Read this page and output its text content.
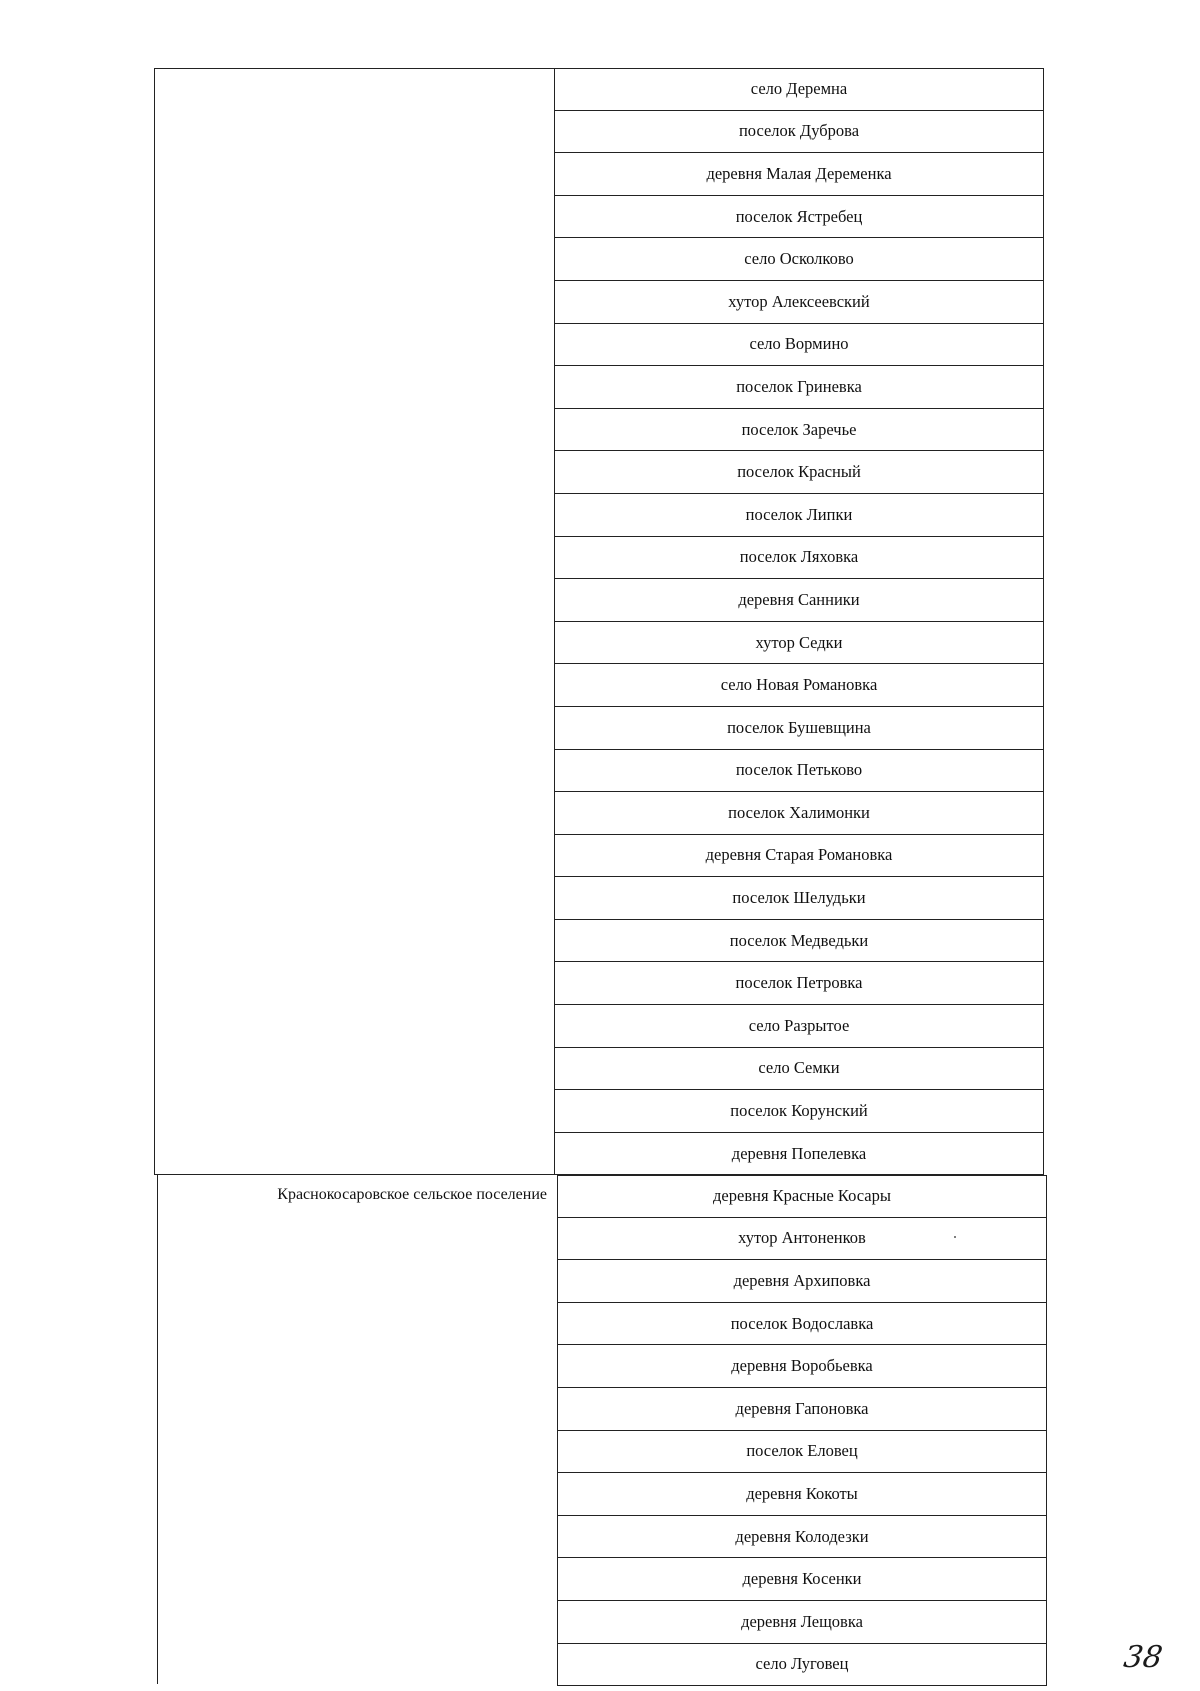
село Деремна
поселок Дуброва
деревня Малая Деременка
поселок Ястребец
село Осколково
хутор Алексеевский
село Вормино
поселок Гриневка
поселок Заречье
поселок Красный
поселок Липки
поселок Ляховка
деревня Санники
хутор Седки
село Новая Романовка
поселок Бушевщина
поселок Петьково
поселок Халимонки
деревня Старая Романовка
поселок Шелудьки
поселок Медведьки
поселок Петровка
село Разрытое
село Семки
поселок Корунский
деревня Попелевка
Краснокосаровское сельское поселение	деревня Красные Косары
хутор Антоненков
деревня Архиповка
поселок Водославка
деревня Воробьевка
деревня Гапоновка
поселок Еловец
деревня Кокоты
деревня Колодезки
деревня Косенки
деревня Лещовка
село Луговец	38
